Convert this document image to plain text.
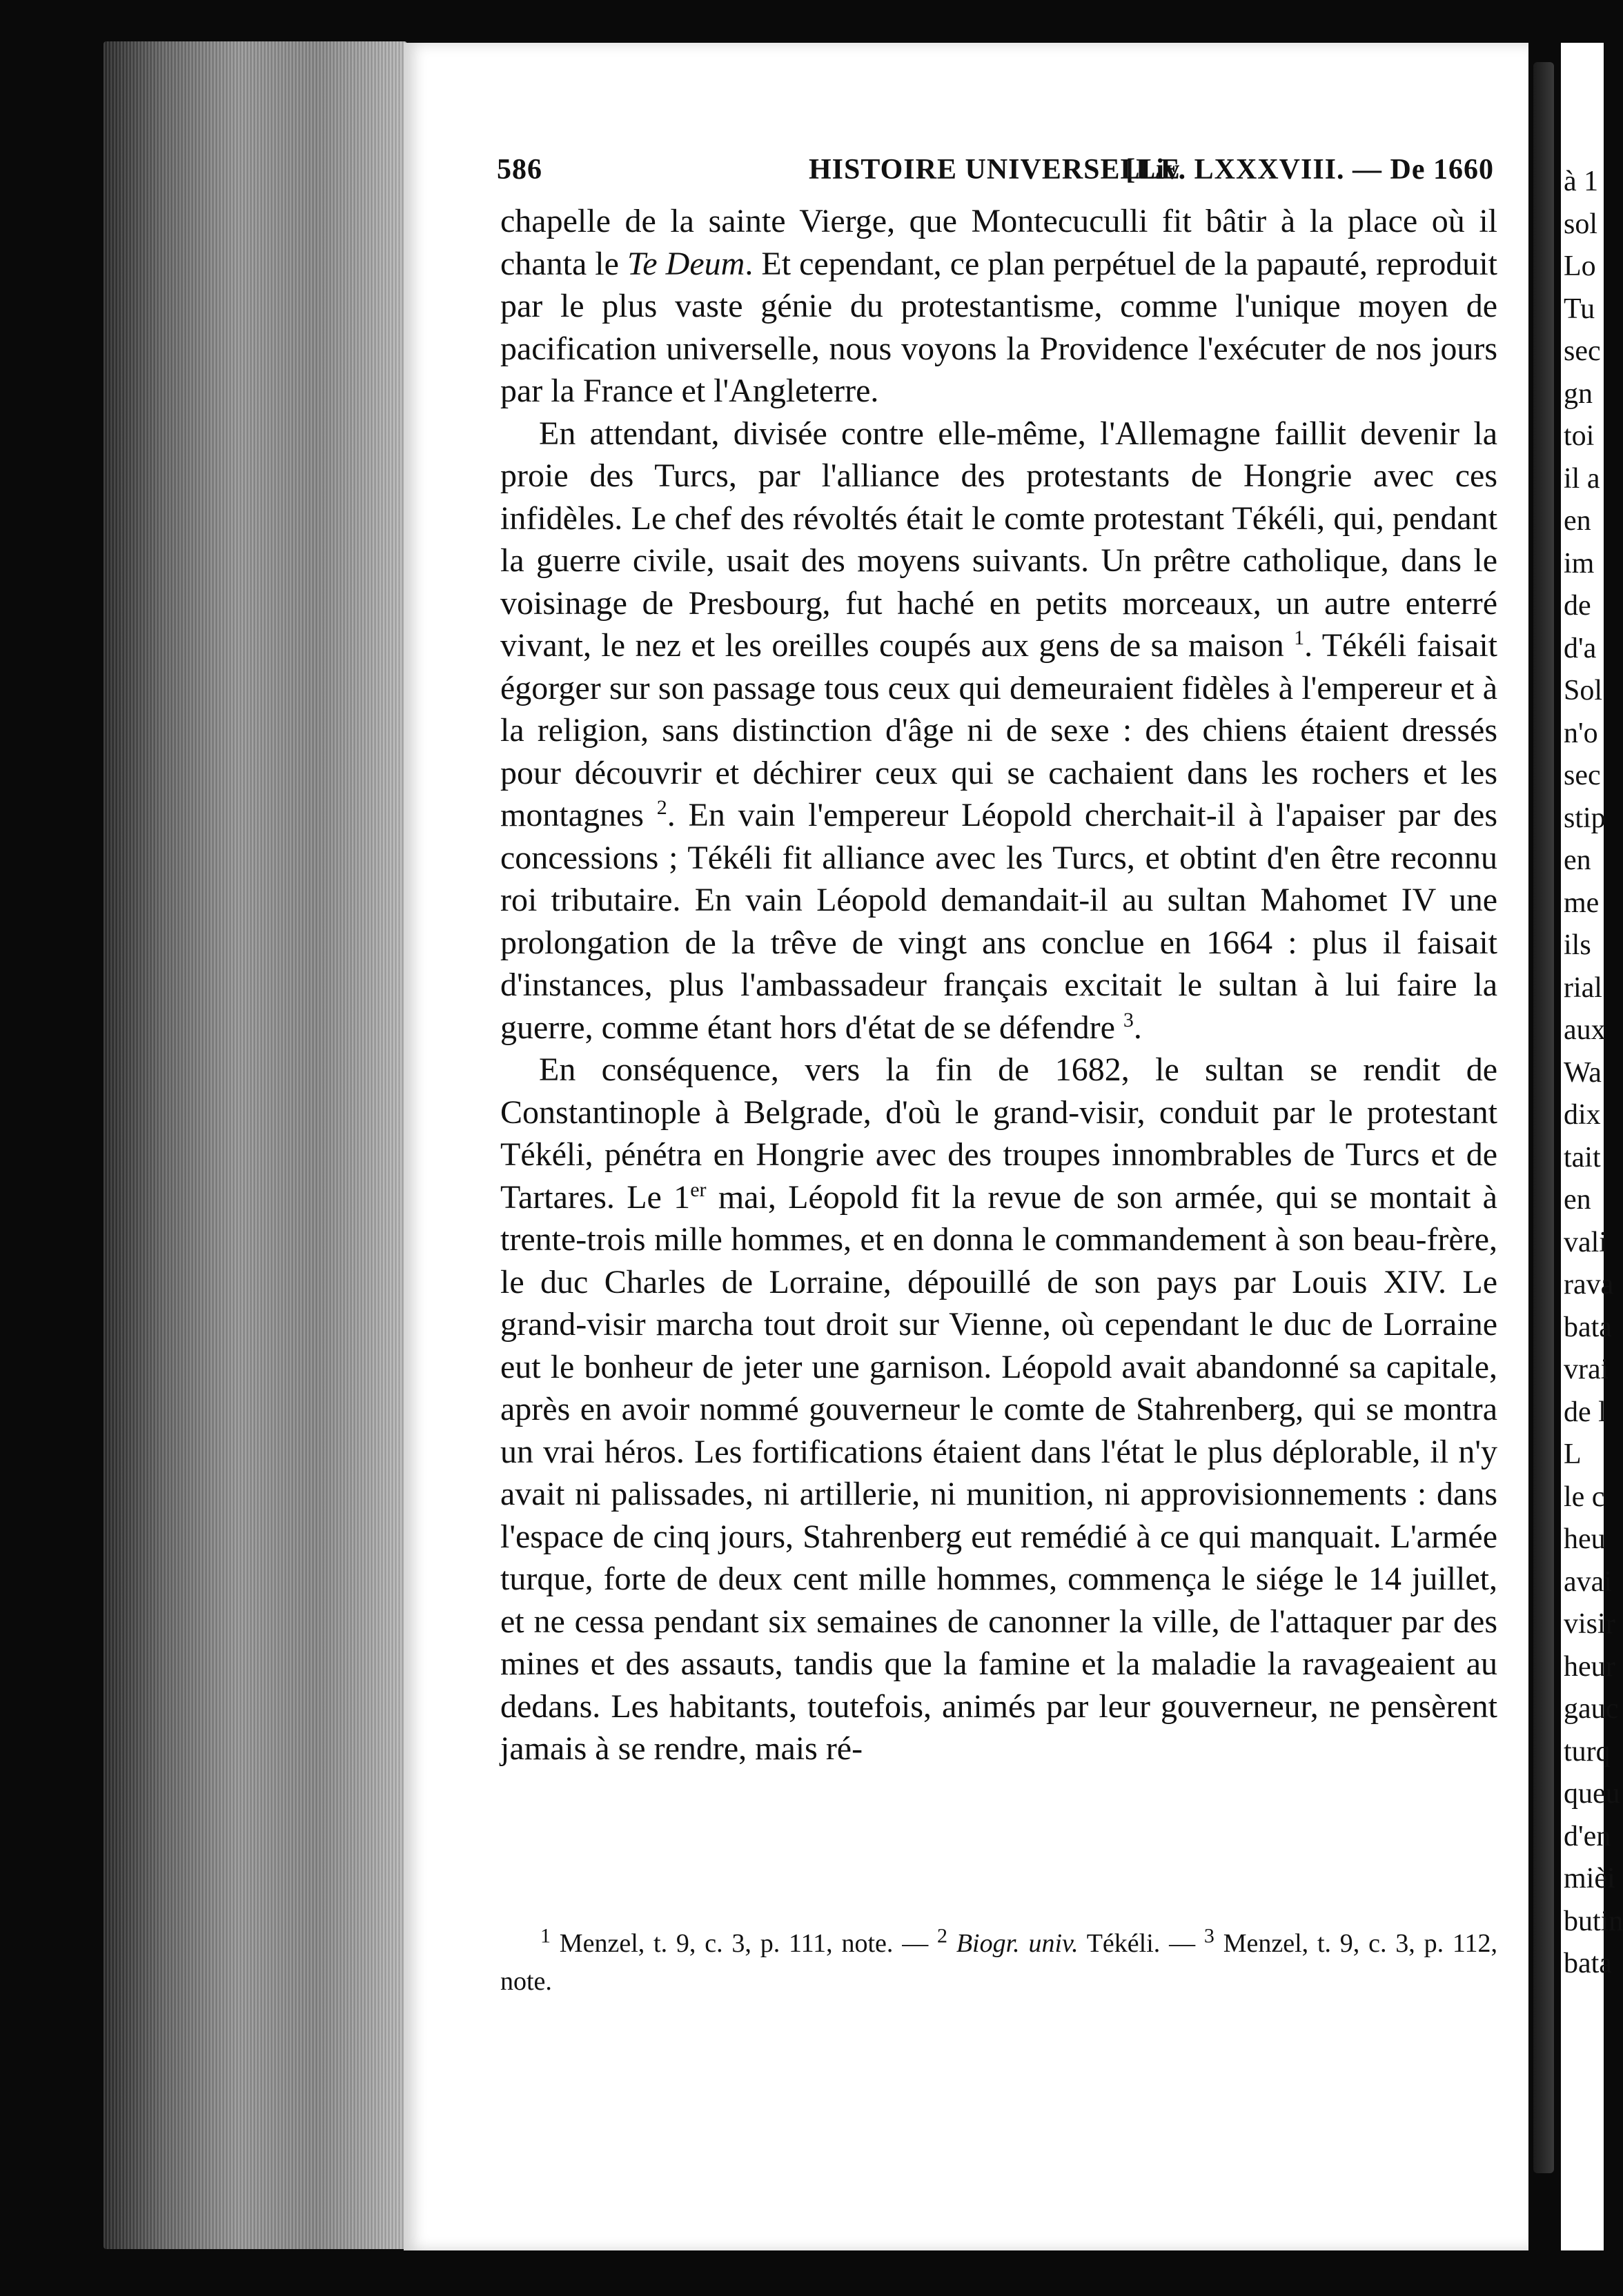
à 1
sol
Lo
Tu
sec
gn
toi
il a
en
im
de
d'a
Sol
n'o
sec
stip
en
me
ils
rial
aux
Wa
dix
tait
en
vali
rava
bata
vrai
de l
L
le c
heu
avai
visir
heur
gauc
turq
queu
d'en
mièi
butin
bata
586	HISTOIRE UNIVERSELLE
[Liv. LXXXVIII. — De 1660

chapelle de la sainte Vierge, que Montecuculli fit bâtir à la place où il chanta le Te Deum. Et cependant, ce plan perpétuel de la papauté, reproduit par le plus vaste génie du protestantisme, comme l'unique moyen de pacification universelle, nous voyons la Providence l'exécuter de nos jours par la France et l'Angleterre.

En attendant, divisée contre elle-même, l'Allemagne faillit devenir la proie des Turcs, par l'alliance des protestants de Hongrie avec ces infidèles. Le chef des révoltés était le comte protestant Tékéli, qui, pendant la guerre civile, usait des moyens suivants. Un prêtre catholique, dans le voisinage de Presbourg, fut haché en petits morceaux, un autre enterré vivant, le nez et les oreilles coupés aux gens de sa maison $^1$. Tékéli faisait égorger sur son passage tous ceux qui demeuraient fidèles à l'empereur et à la religion, sans distinction d'âge ni de sexe : des chiens étaient dressés pour découvrir et déchirer ceux qui se cachaient dans les rochers et les montagnes $^2$. En vain l'empereur Léopold cherchait-il à l'apaiser par des concessions ; Tékéli fit alliance avec les Turcs, et obtint d'en être reconnu roi tributaire. En vain Léopold demandait-il au sultan Mahomet IV une prolongation de la trêve de vingt ans conclue en 1664 : plus il faisait d'instances, plus l'ambassadeur français excitait le sultan à lui faire la guerre, comme étant hors d'état de se défendre $^3$.

En conséquence, vers la fin de 1682, le sultan se rendit de Constantinople à Belgrade, d'où le grand-visir, conduit par le protestant Tékéli, pénétra en Hongrie avec des troupes innombrables de Turcs et de Tartares. Le 1er mai, Léopold fit la revue de son armée, qui se montait à trente-trois mille hommes, et en donna le commandement à son beau-frère, le duc Charles de Lorraine, dépouillé de son pays par Louis XIV. Le grand-visir marcha tout droit sur Vienne, où cependant le duc de Lorraine eut le bonheur de jeter une garnison. Léopold avait abandonné sa capitale, après en avoir nommé gouverneur le comte de Stahrenberg, qui se montra un vrai héros. Les fortifications étaient dans l'état le plus déplorable, il n'y avait ni palissades, ni artillerie, ni munition, ni approvisionnements : dans l'espace de cinq jours, Stahrenberg eut remédié à ce qui manquait. L'armée turque, forte de deux cent mille hommes, commença le siége le 14 juillet, et ne cessa pendant six semaines de canonner la ville, de l'attaquer par des mines et des assauts, tandis que la famine et la maladie la ravageaient au dedans. Les habitants, toutefois, animés par leur gouverneur, ne pensèrent jamais à se rendre, mais ré-

$^1$ Menzel, t. 9, c. 3, p. 111, note. — $^2$ Biogr. univ. Tékéli. — $^3$ Menzel, t. 9, c. 3, p. 112, note.
